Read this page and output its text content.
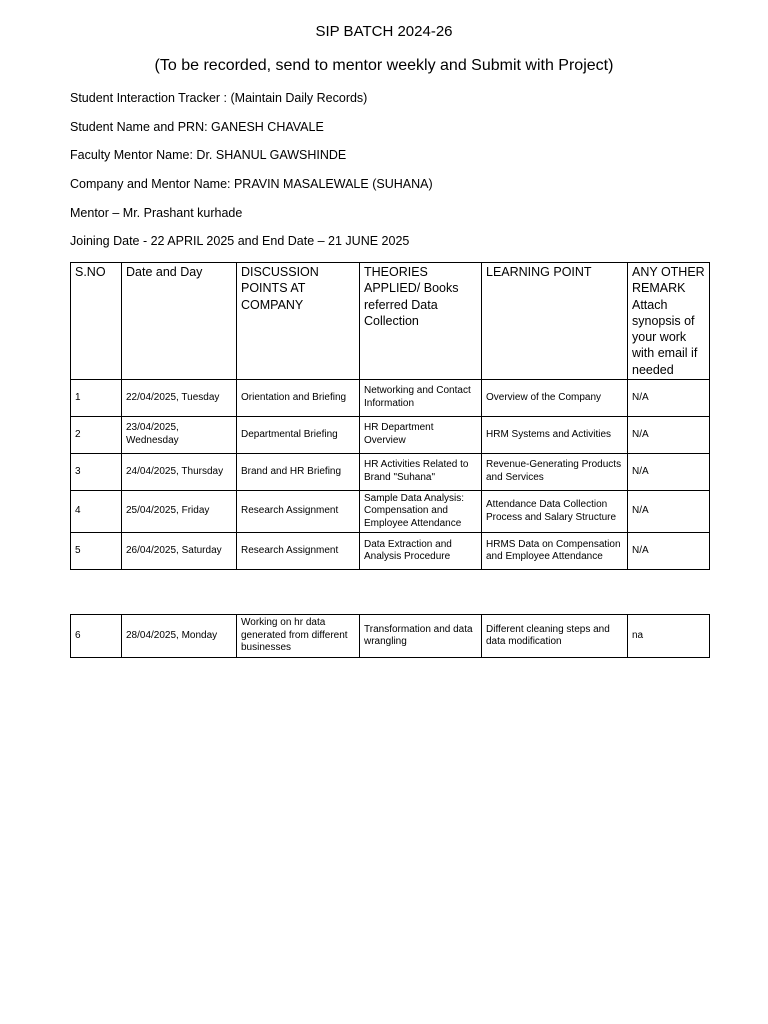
SIP BATCH 2024-26
(To be recorded, send to mentor weekly and Submit with Project)

Student Interaction Tracker : (Maintain Daily Records)

Student Name and PRN: GANESH CHAVALE

Faculty Mentor Name: Dr. SHANUL GAWSHINDE

Company and Mentor Name: PRAVIN MASALEWALE (SUHANA)

Mentor – Mr. Prashant kurhade

Joining Date - 22 APRIL 2025 and End Date – 21 JUNE 2025

S.NO	Date and Day	DISCUSSION POINTS AT COMPANY	THEORIES APPLIED/ Books referred Data Collection	LEARNING POINT	ANY OTHER REMARK Attach synopsis of your work with email if needed
1	22/04/2025, Tuesday	Orientation and Briefing	Networking and Contact Information	Overview of the Company	N/A
2	23/04/2025, Wednesday	Departmental Briefing	HR Department Overview	HRM Systems and Activities	N/A
3	24/04/2025, Thursday	Brand and HR Briefing	HR Activities Related to Brand "Suhana"	Revenue-Generating Products and Services	N/A
4	25/04/2025, Friday	Research Assignment	Sample Data Analysis: Compensation and Employee Attendance	Attendance Data Collection Process and Salary Structure	N/A
5	26/04/2025, Saturday	Research Assignment	Data Extraction and Analysis Procedure	HRMS Data on Compensation and Employee Attendance	N/A
6	28/04/2025, Monday	Working on hr data generated from different businesses	Transformation and data wrangling	Different cleaning steps and data modification	na
